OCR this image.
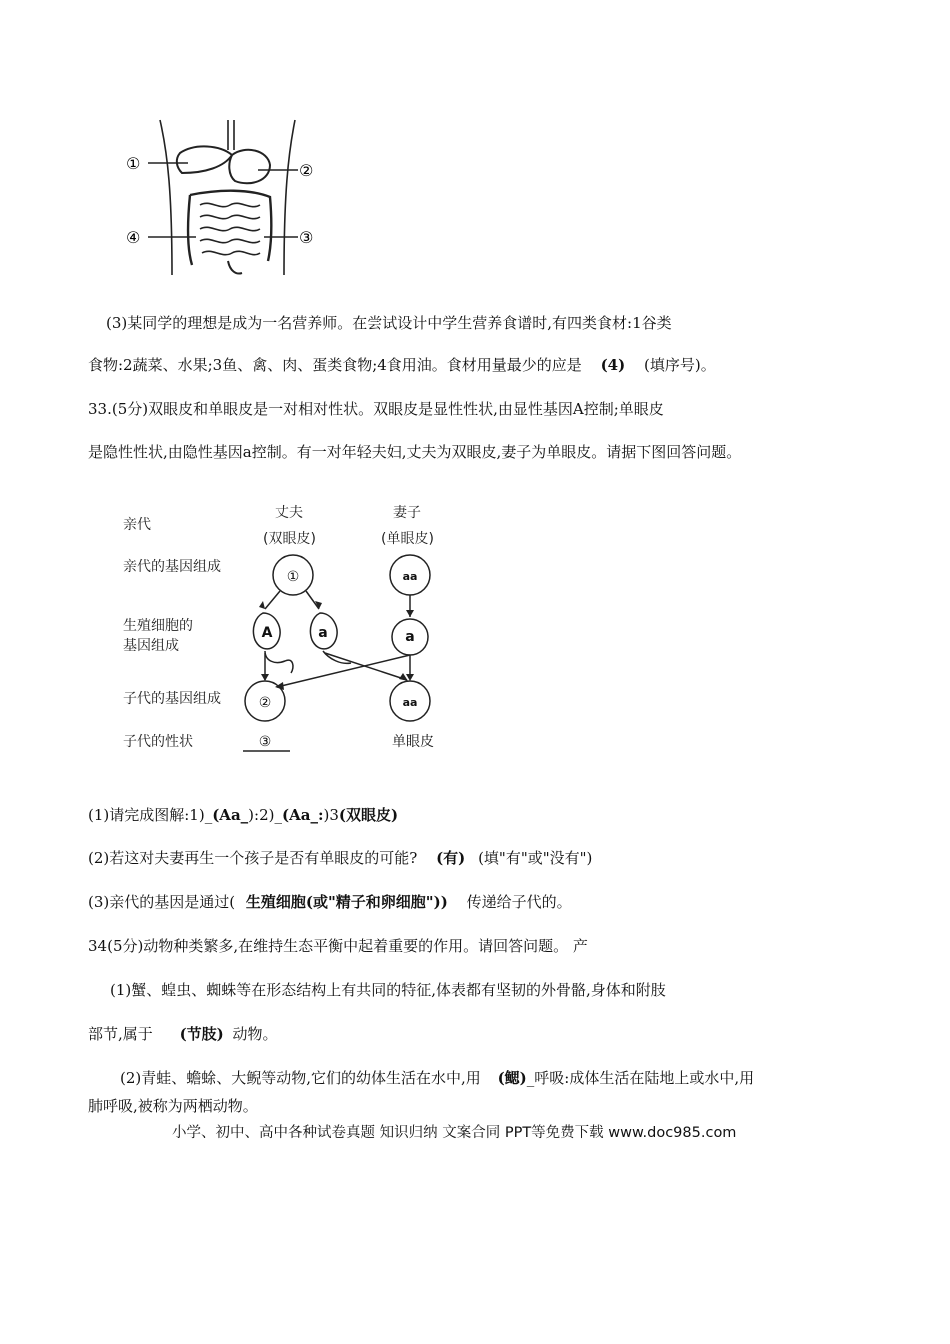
①	②
④	③
(3)某同学的理想是成为一名营养师。在尝试设计中学生营养食谱时,有四类食材:1谷类
食物:2蔬菜、水果;3鱼、禽、肉、蛋类食物;4食用油。食材用量最少的应是 (4) (填序号)。
33.(5分)双眼皮和单眼皮是一对相对性状。双眼皮是显性性状,由显性基因A控制;单眼皮
是隐性性状,由隐性基因a控制。有一对年轻夫妇,丈夫为双眼皮,妻子为单眼皮。请据下图回答问题。
亲代
亲代的基因组成
生殖细胞的
基因组成
子代的基因组成
子代的性状
丈夫
(双眼皮)
妻子
(单眼皮)
①	aa
A	a	a
②	aa
③	单眼皮
(1)请完成图解:1)_(Aa_):2)_(Aa_:)3(双眼皮)
(2)若这对夫妻再生一个孩子是否有单眼皮的可能? (有) (填"有"或"没有")
(3)亲代的基因是通过( 生殖细胞(或"精子和卵细胞")) 传递给子代的。
34(5分)动物种类繁多,在维持生态平衡中起着重要的作用。请回答问题。 产
(1)蟹、蝗虫、蜘蛛等在形态结构上有共同的特征,体表都有坚韧的外骨骼,身体和附肢
部节,属于 (节肢) 动物。
(2)青蛙、蟾蜍、大鲵等动物,它们的幼体生活在水中,用 (鳃)_呼吸:成体生活在陆地上或水中,用
肺呼吸,被称为两栖动物。
小学、初中、高中各种试卷真题 知识归纳 文案合同 PPT等免费下载 www.doc985.com
